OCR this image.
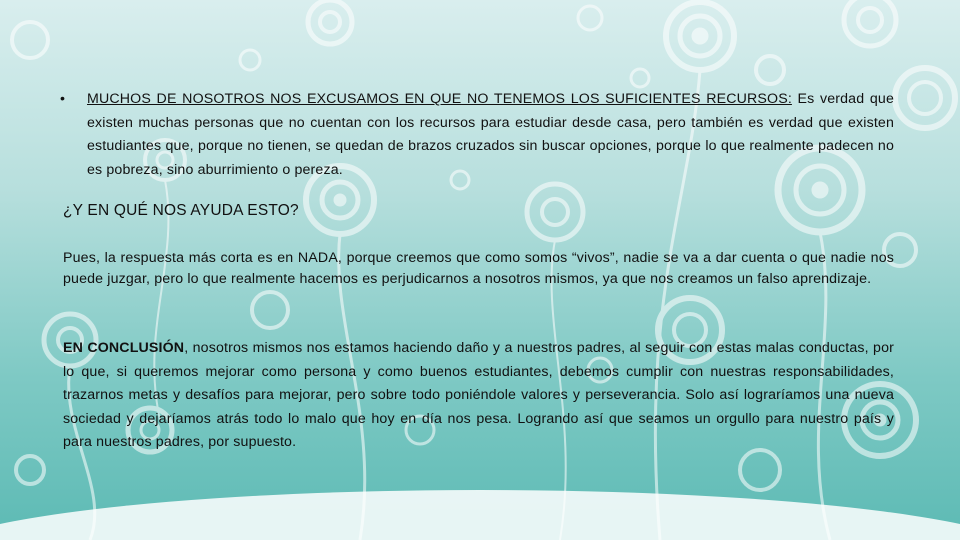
•	MUCHOS DE NOSOTROS NOS EXCUSAMOS EN QUE NO TENEMOS LOS SUFICIENTES RECURSOS: Es verdad que existen muchas personas que no cuentan con los recursos para estudiar desde casa, pero también es verdad que existen estudiantes que, porque no tienen, se quedan de brazos cruzados sin buscar opciones, porque lo que realmente padecen no es pobreza, sino aburrimiento o pereza.
¿Y EN QUÉ NOS AYUDA ESTO?
Pues, la respuesta más corta es en NADA, porque creemos que como somos “vivos”, nadie se va a dar cuenta o que nadie nos puede juzgar, pero lo que realmente hacemos es perjudicarnos a nosotros mismos, ya que nos creamos un falso aprendizaje.
EN CONCLUSIÓN, nosotros mismos nos estamos haciendo daño y a nuestros padres, al seguir con estas malas conductas, por lo que, si queremos mejorar como persona y como buenos estudiantes, debemos cumplir con nuestras responsabilidades, trazarnos metas y desafíos para mejorar, pero sobre todo poniéndole valores y perseverancia. Solo así lograríamos una nueva sociedad y dejaríamos atrás todo lo malo que hoy en día nos pesa. Logrando así que seamos un orgullo para nuestro país y para nuestros padres, por supuesto.
